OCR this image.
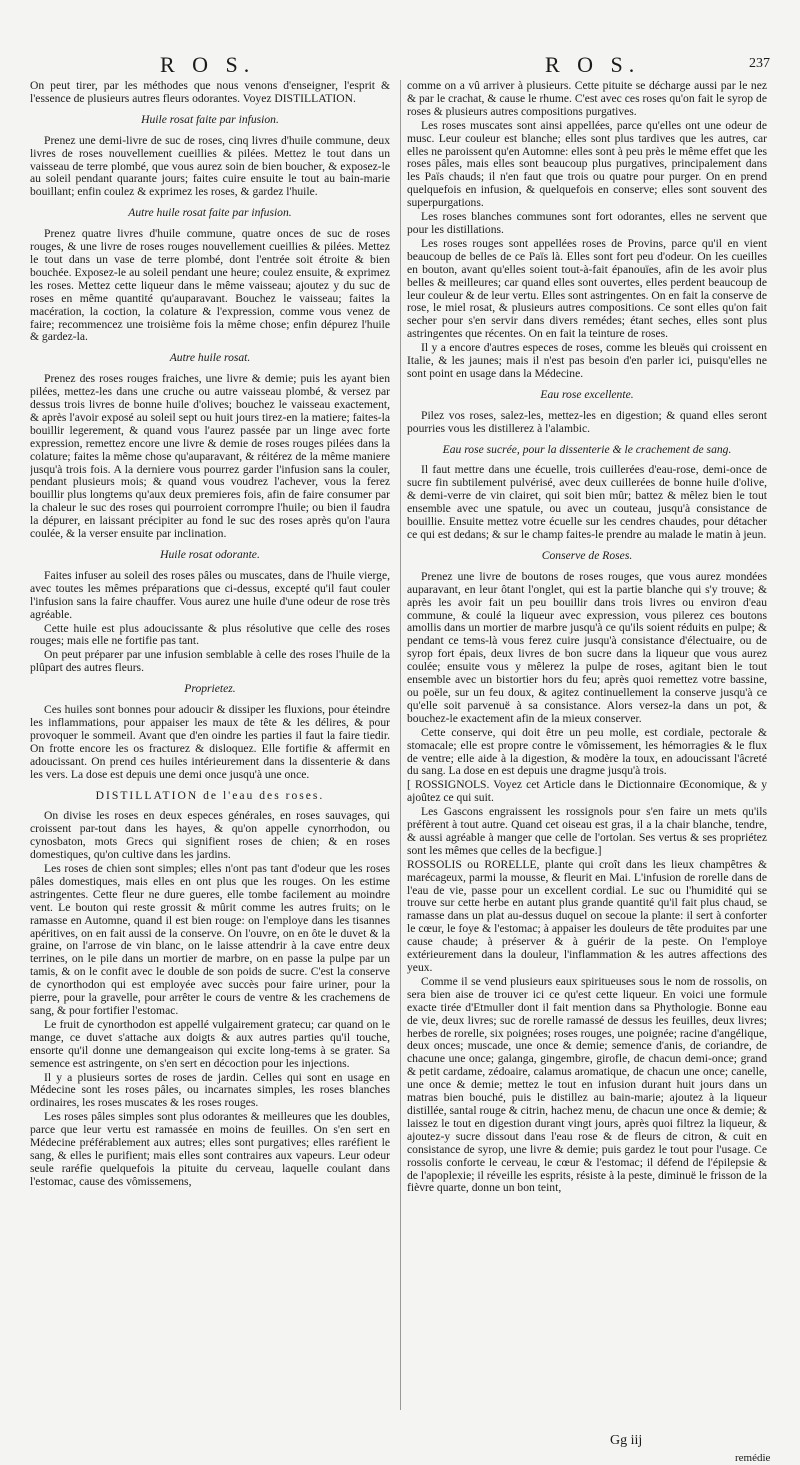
R O S.	R O S.	237

On peut tirer, par les méthodes que nous venons d'enseigner, l'esprit & l'essence de plusieurs autres fleurs odorantes. Voyez DISTILLATION.

Huile rosat faite par infusion.

Prenez une demi-livre de suc de roses, cinq livres d'huile commune, deux livres de roses nouvellement cueillies & pilées. Mettez le tout dans un vaisseau de terre plombé, que vous aurez soin de bien boucher, & exposez-le au soleil pendant quarante jours; faites cuire ensuite le tout au bain-marie bouillant; enfin coulez & exprimez les roses, & gardez l'huile.

Autre huile rosat faite par infusion.

Prenez quatre livres d'huile commune, quatre onces de suc de roses rouges, & une livre de roses rouges nouvellement cueillies & pilées. Mettez le tout dans un vase de terre plombé, dont l'entrée soit étroite & bien bouchée. Exposez-le au soleil pendant une heure; coulez ensuite, & exprimez les roses. Mettez cette liqueur dans le même vaisseau; ajoutez y du suc de roses en même quantité qu'auparavant. Bouchez le vaisseau; faites la macération, la coction, la colature & l'expression, comme vous venez de faire; recommencez une troisième fois la même chose; enfin dépurez l'huile & gardez-la.

Autre huile rosat.

Prenez des roses rouges fraiches, une livre & demie; puis les ayant bien pilées, mettez-les dans une cruche ou autre vaisseau plombé, & versez par dessus trois livres de bonne huile d'olives; bouchez le vaisseau exactement, & après l'avoir exposé au soleil sept ou huit jours tirez-en la matiere; faites-la bouillir legerement, & quand vous l'aurez passée par un linge avec forte expression, remettez encore une livre & demie de roses rouges pilées dans la colature; faites la même chose qu'auparavant, & réitérez de la même maniere jusqu'à trois fois. A la derniere vous pourrez garder l'infusion sans la couler, pendant plusieurs mois; & quand vous voudrez l'achever, vous la ferez bouillir plus longtems qu'aux deux premieres fois, afin de faire consumer par la chaleur le suc des roses qui pourroient corrompre l'huile; ou bien il faudra la dépurer, en laissant précipiter au fond le suc des roses après qu'on l'aura coulée, & la verser ensuite par inclination.

Huile rosat odorante.

Faites infuser au soleil des roses pâles ou muscates, dans de l'huile vierge, avec toutes les mêmes préparations que ci-dessus, excepté qu'il faut couler l'infusion sans la faire chauffer. Vous aurez une huile d'une odeur de rose très agréable.

Cette huile est plus adoucissante & plus résolutive que celle des roses rouges; mais elle ne fortifie pas tant.

On peut préparer par une infusion semblable à celle des roses l'huile de la plûpart des autres fleurs.

Proprietez.

Ces huiles sont bonnes pour adoucir & dissiper les fluxions, pour éteindre les inflammations, pour appaiser les maux de tête & les délires, & pour provoquer le sommeil. Avant que d'en oindre les parties il faut la faire tiedir. On frotte encore les os fracturez & disloquez. Elle fortifie & affermit en adoucissant. On prend ces huiles intérieurement dans la dissenterie & dans les vers. La dose est depuis une demi once jusqu'à une once.

DISTILLATION de l'eau des roses.

On divise les roses en deux especes générales, en roses sauvages, qui croissent par-tout dans les hayes, & qu'on appelle cynorrhodon, ou cynosbaton, mots Grecs qui signifient roses de chien; & en roses domestiques, qu'on cultive dans les jardins.

Les roses de chien sont simples; elles n'ont pas tant d'odeur que les roses pâles domestiques, mais elles en ont plus que les rouges. On les estime astringentes. Cette fleur ne dure gueres, elle tombe facilement au moindre vent. Le bouton qui reste grossit & mûrit comme les autres fruits; on le ramasse en Automne, quand il est bien rouge: on l'employe dans les tisannes apéritives, on en fait aussi de la conserve. On l'ouvre, on en ôte le duvet & la graine, on l'arrose de vin blanc, on le laisse attendrir à la cave entre deux terrines, on le pile dans un mortier de marbre, on en passe la pulpe par un tamis, & on le confit avec le double de son poids de sucre. C'est la conserve de cynorthodon qui est employée avec succès pour faire uriner, pour la pierre, pour la gravelle, pour arrêter le cours de ventre & les crachemens de sang, & pour fortifier l'estomac.

Le fruit de cynorthodon est appellé vulgairement gratecu; car quand on le mange, ce duvet s'attache aux doigts & aux autres parties qu'il touche, ensorte qu'il donne une demangeaison qui excite long-tems à se grater. Sa semence est astringente, on s'en sert en décoction pour les injections.

Il y a plusieurs sortes de roses de jardin. Celles qui sont en usage en Médecine sont les roses pâles, ou incarnates simples, les roses blanches ordinaires, les roses muscates & les roses rouges.

Les roses pâles simples sont plus odorantes & meilleures que les doubles, parce que leur vertu est ramassée en moins de feuilles. On s'en sert en Médecine préférablement aux autres; elles sont purgatives; elles raréfient le sang, & elles le purifient; mais elles sont contraires aux vapeurs. Leur odeur seule raréfie quelquefois la pituite du cerveau, laquelle coulant dans l'estomac, cause des vômissemens,

comme on a vû arriver à plusieurs. Cette pituite se décharge aussi par le nez & par le crachat, & cause le rhume. C'est avec ces roses qu'on fait le syrop de roses & plusieurs autres compositions purgatives.

Les roses muscates sont ainsi appellées, parce qu'elles ont une odeur de musc. Leur couleur est blanche; elles sont plus tardives que les autres, car elles ne paroissent qu'en Automne: elles sont à peu près le même effet que les roses pâles, mais elles sont beaucoup plus purgatives, principalement dans les Païs chauds; il n'en faut que trois ou quatre pour purger. On en prend quelquefois en infusion, & quelquefois en conserve; elles sont souvent des superpurgations.

Les roses blanches communes sont fort odorantes, elles ne servent que pour les distillations.

Les roses rouges sont appellées roses de Provins, parce qu'il en vient beaucoup de belles de ce Païs là. Elles sont fort peu d'odeur. On les cueilles en bouton, avant qu'elles soient tout-à-fait épanouïes, afin de les avoir plus belles & meilleures; car quand elles sont ouvertes, elles perdent beaucoup de leur couleur & de leur vertu. Elles sont astringentes. On en fait la conserve de rose, le miel rosat, & plusieurs autres compositions. Ce sont elles qu'on fait secher pour s'en servir dans divers remédes; étant seches, elles sont plus astringentes que récentes. On en fait la teinture de roses.

Il y a encore d'autres especes de roses, comme les bleuës qui croissent en Italie, & les jaunes; mais il n'est pas besoin d'en parler ici, puisqu'elles ne sont point en usage dans la Médecine.

Eau rose excellente.

Pilez vos roses, salez-les, mettez-les en digestion; & quand elles seront pourries vous les distillerez à l'alambic.

Eau rose sucrée, pour la dissenterie & le crachement de sang.

Il faut mettre dans une écuelle, trois cuillerées d'eau-rose, demi-once de sucre fin subtilement pulvérisé, avec deux cuillerées de bonne huile d'olive, & demi-verre de vin clairet, qui soit bien mûr; battez & mêlez bien le tout ensemble avec une spatule, ou avec un couteau, jusqu'à consistance de bouillie. Ensuite mettez votre écuelle sur les cendres chaudes, pour détacher ce qui est dedans; & sur le champ faites-le prendre au malade le matin à jeun.

Conserve de Roses.

Prenez une livre de boutons de roses rouges, que vous aurez mondées auparavant, en leur ôtant l'onglet, qui est la partie blanche qui s'y trouve; & après les avoir fait un peu bouillir dans trois livres ou environ d'eau commune, & coulé la liqueur avec expression, vous pilerez ces boutons amollis dans un mortier de marbre jusqu'à ce qu'ils soient réduits en pulpe; & pendant ce tems-là vous ferez cuire jusqu'à consistance d'électuaire, ou de syrop fort épais, deux livres de bon sucre dans la liqueur que vous aurez coulée; ensuite vous y mêlerez la pulpe de roses, agitant bien le tout ensemble avec un bistortier hors du feu; après quoi remettez votre bassine, ou poële, sur un feu doux, & agitez continuellement la conserve jusqu'à ce qu'elle soit parvenuë à sa consistance. Alors versez-la dans un pot, & bouchez-le exactement afin de la mieux conserver.

Cette conserve, qui doit être un peu molle, est cordiale, pectorale & stomacale; elle est propre contre le vômissement, les hémorragies & le flux de ventre; elle aide à la digestion, & modère la toux, en adoucissant l'âcreté du sang. La dose en est depuis une dragme jusqu'à trois.

[ ROSSIGNOLS. Voyez cet Article dans le Dictionnaire Œconomique, & y ajoûtez ce qui suit.

Les Gascons engraissent les rossignols pour s'en faire un mets qu'ils préfèrent à tout autre. Quand cet oiseau est gras, il a la chair blanche, tendre, & aussi agréable à manger que celle de l'ortolan. Ses vertus & ses propriétez sont les mêmes que celles de la becfigue.]

ROSSOLIS ou RORELLE, plante qui croît dans les lieux champêtres & marécageux, parmi la mousse, & fleurit en Mai. L'infusion de rorelle dans de l'eau de vie, passe pour un excellent cordial. Le suc ou l'humidité qui se trouve sur cette herbe en autant plus grande quantité qu'il fait plus chaud, se ramasse dans un plat au-dessus duquel on secoue la plante: il sert à conforter le cœur, le foye & l'estomac; à appaiser les douleurs de tête produites par une cause chaude; à préserver & à guérir de la peste. On l'employe extérieurement dans la douleur, l'inflammation & les autres affections des yeux.

Comme il se vend plusieurs eaux spiritueuses sous le nom de rossolis, on sera bien aise de trouver ici ce qu'est cette liqueur. En voici une formule exacte tirée d'Etmuller dont il fait mention dans sa Phythologie. Bonne eau de vie, deux livres; suc de rorelle ramassé de dessus les feuilles, deux livres; herbes de rorelle, six poignées; roses rouges, une poignée; racine d'angélique, deux onces; muscade, une once & demie; semence d'anis, de coriandre, de chacune une once; galanga, gingembre, girofle, de chacun demi-once; grand & petit cardame, zédoaire, calamus aromatique, de chacun une once; canelle, une once & demie; mettez le tout en infusion durant huit jours dans un matras bien bouché, puis le distillez au bain-marie; ajoutez à la liqueur distillée, santal rouge & citrin, hachez menu, de chacun une once & demie; & laissez le tout en digestion durant vingt jours, après quoi filtrez la liqueur, & ajoutez-y sucre dissout dans l'eau rose & de fleurs de citron, & cuit en consistance de syrop, une livre & demie; puis gardez le tout pour l'usage. Ce rossolis conforte le cerveau, le cœur & l'estomac; il défend de l'épilepsie & de l'apoplexie; il réveille les esprits, résiste à la peste, diminuë le frisson de la fièvre quarte, donne un bon teint,

Gg iij
remédie
